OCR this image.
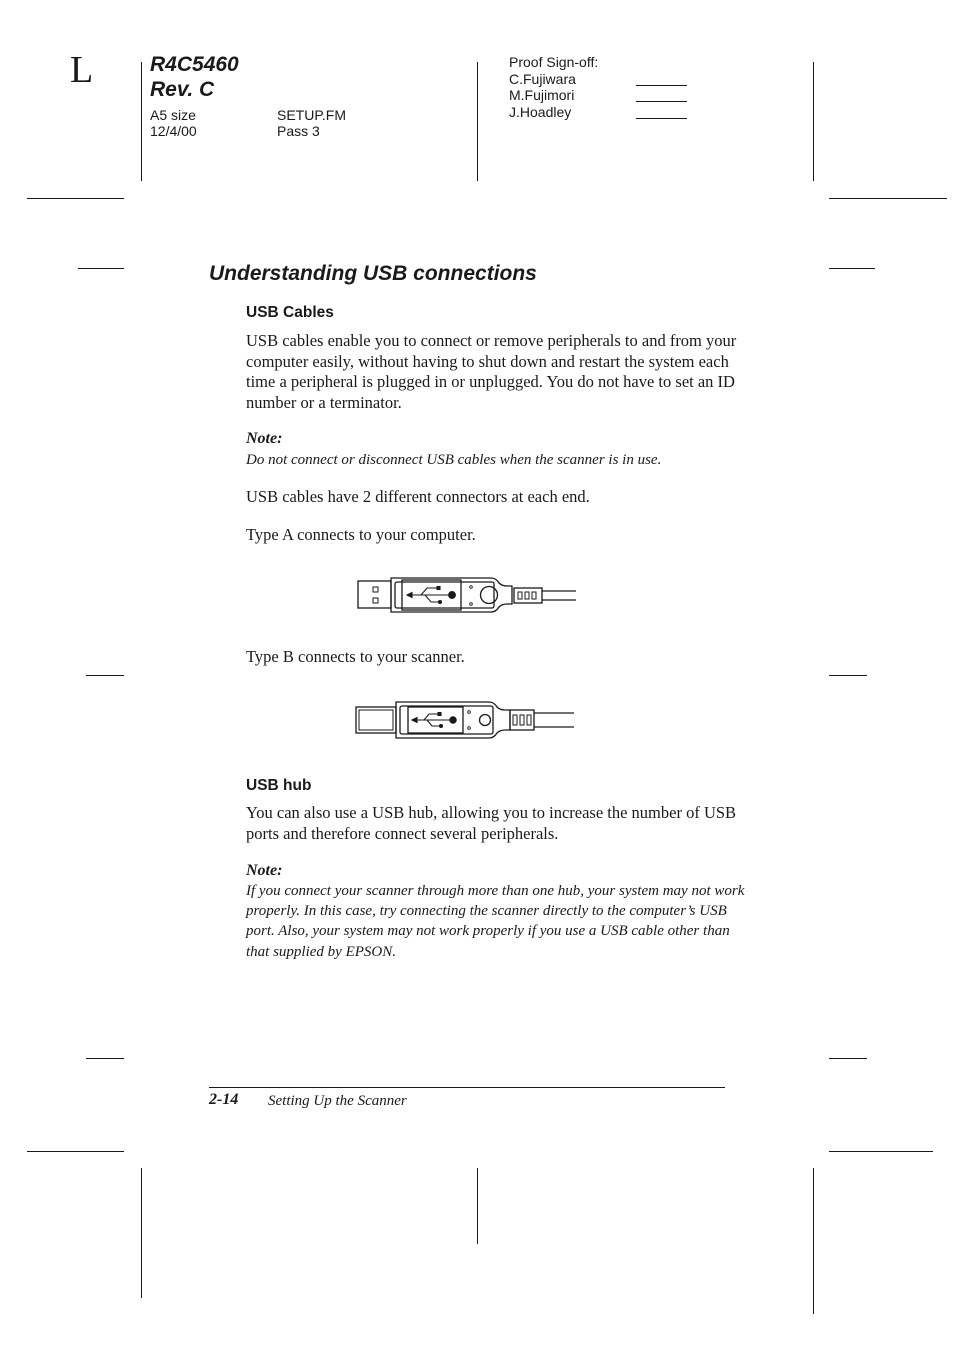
L	R4C5460
Rev. C
A5 size
12/4/00
SETUP.FM
Pass 3
Proof Sign-off:
C.Fujiwara
M.Fujimori
J.Hoadley
Understanding USB connections
USB Cables
USB cables enable you to connect or remove peripherals to and from your computer easily, without having to shut down and restart the system each time a peripheral is plugged in or unplugged. You do not have to set an ID number or a terminator.
Note:
Do not connect or disconnect USB cables when the scanner is in use.
USB cables have 2 different connectors at each end.
Type A connects to your computer.
Type B connects to your scanner.
USB hub
You can also use a USB hub, allowing you to increase the number of USB ports and therefore connect several peripherals.
Note:
If you connect your scanner through more than one hub, your system may not work properly. In this case, try connecting the scanner directly to the computer’s USB port. Also, your system may not work properly if you use a USB cable other than that supplied by EPSON.
2-14 Setting Up the Scanner
